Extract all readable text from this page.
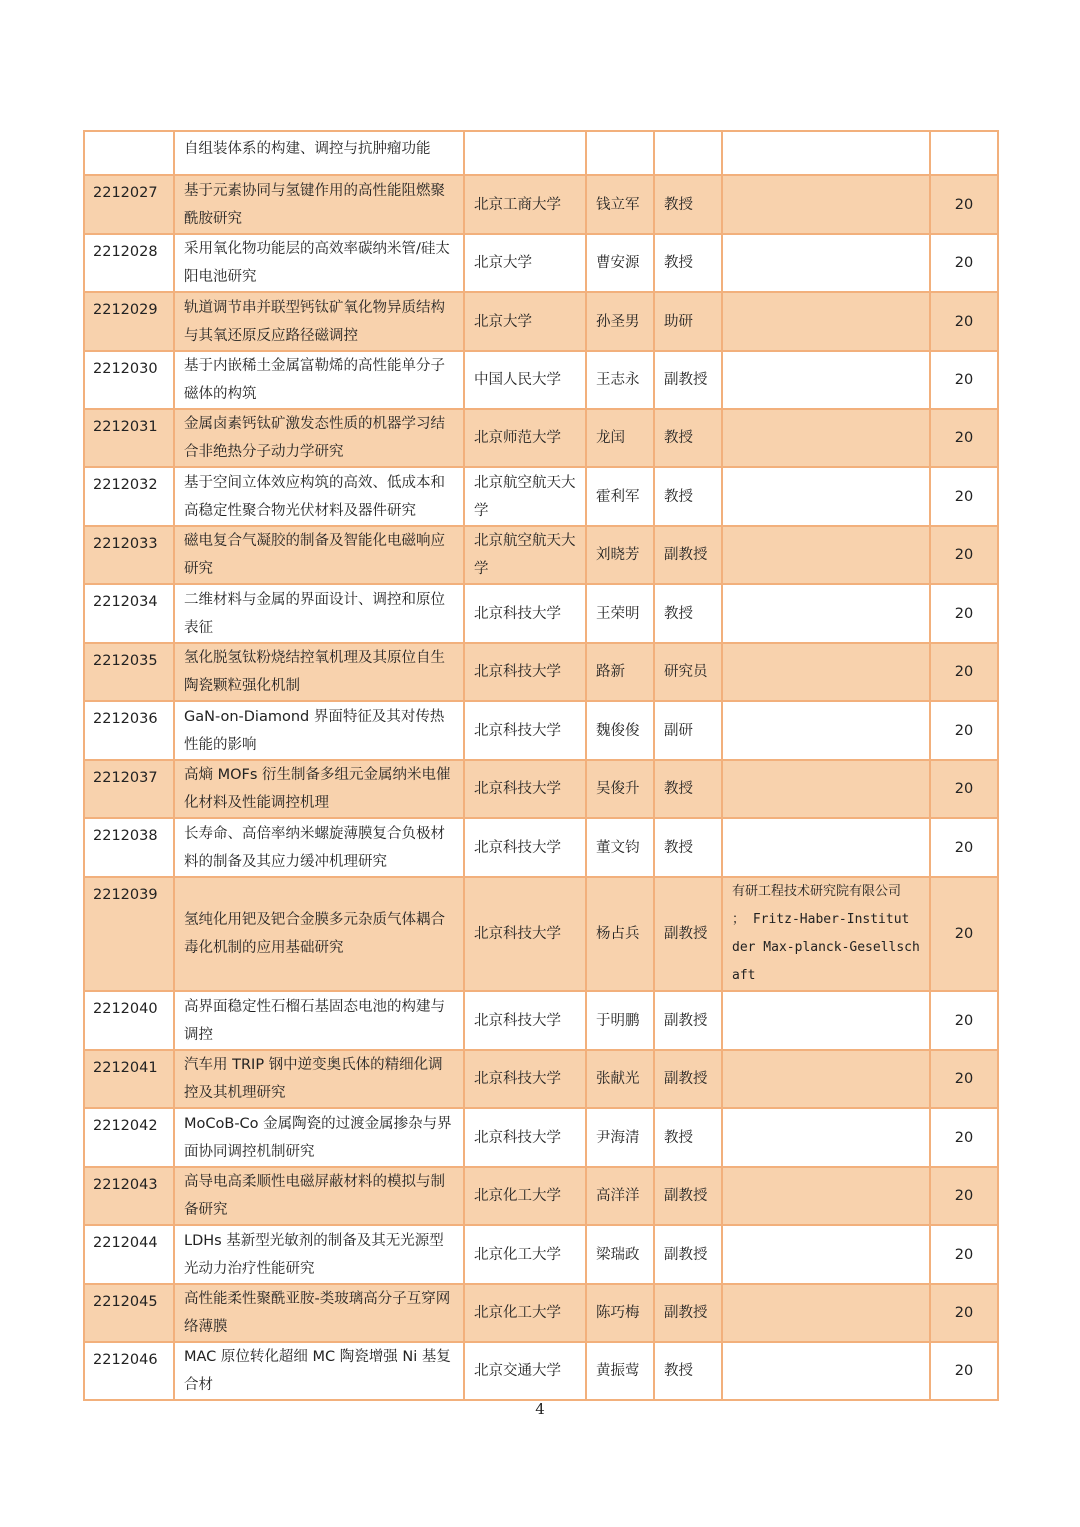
	自组装体系的构建、调控与抗肿瘤功能					
2212027	基于元素协同与氢键作用的高性能阻燃聚酰胺研究	北京工商大学	钱立军	教授		20
2212028	采用氧化物功能层的高效率碳纳米管/硅太阳电池研究	北京大学	曹安源	教授		20
2212029	轨道调节串并联型钙钛矿氧化物异质结构与其氧还原反应路径磁调控	北京大学	孙圣男	助研		20
2212030	基于内嵌稀土金属富勒烯的高性能单分子磁体的构筑	中国人民大学	王志永	副教授		20
2212031	金属卤素钙钛矿激发态性质的机器学习结合非绝热分子动力学研究	北京师范大学	龙闰	教授		20
2212032	基于空间立体效应构筑的高效、低成本和高稳定性聚合物光伏材料及器件研究	北京航空航天大学	霍利军	教授		20
2212033	磁电复合气凝胶的制备及智能化电磁响应研究	北京航空航天大学	刘晓芳	副教授		20
2212034	二维材料与金属的界面设计、调控和原位表征	北京科技大学	王荣明	教授		20
2212035	氢化脱氢钛粉烧结控氧机理及其原位自生陶瓷颗粒强化机制	北京科技大学	路新	研究员		20
2212036	GaN-on-Diamond 界面特征及其对传热性能的影响	北京科技大学	魏俊俊	副研		20
2212037	高熵 MOFs 衍生制备多组元金属纳米电催化材料及性能调控机理	北京科技大学	吴俊升	教授		20
2212038	长寿命、高倍率纳米螺旋薄膜复合负极材料的制备及其应力缓冲机理研究	北京科技大学	董文钧	教授		20
2212039	氢纯化用钯及钯合金膜多元杂质气体耦合毒化机制的应用基础研究	北京科技大学	杨占兵	副教授	有研工程技术研究院有限公司 ； Fritz-Haber-Institut der Max-planck-Gesellschaft	20
2212040	高界面稳定性石榴石基固态电池的构建与调控	北京科技大学	于明鹏	副教授		20
2212041	汽车用 TRIP 钢中逆变奥氏体的精细化调控及其机理研究	北京科技大学	张献光	副教授		20
2212042	MoCoB-Co 金属陶瓷的过渡金属掺杂与界面协同调控机制研究	北京科技大学	尹海清	教授		20
2212043	高导电高柔顺性电磁屏蔽材料的模拟与制备研究	北京化工大学	高洋洋	副教授		20
2212044	LDHs 基新型光敏剂的制备及其无光源型光动力治疗性能研究	北京化工大学	梁瑞政	副教授		20
2212045	高性能柔性聚酰亚胺-类玻璃高分子互穿网络薄膜	北京化工大学	陈巧梅	副教授		20
2212046	MAC 原位转化超细 MC 陶瓷增强 Ni 基复合材	北京交通大学	黄振莺	教授		20
4
